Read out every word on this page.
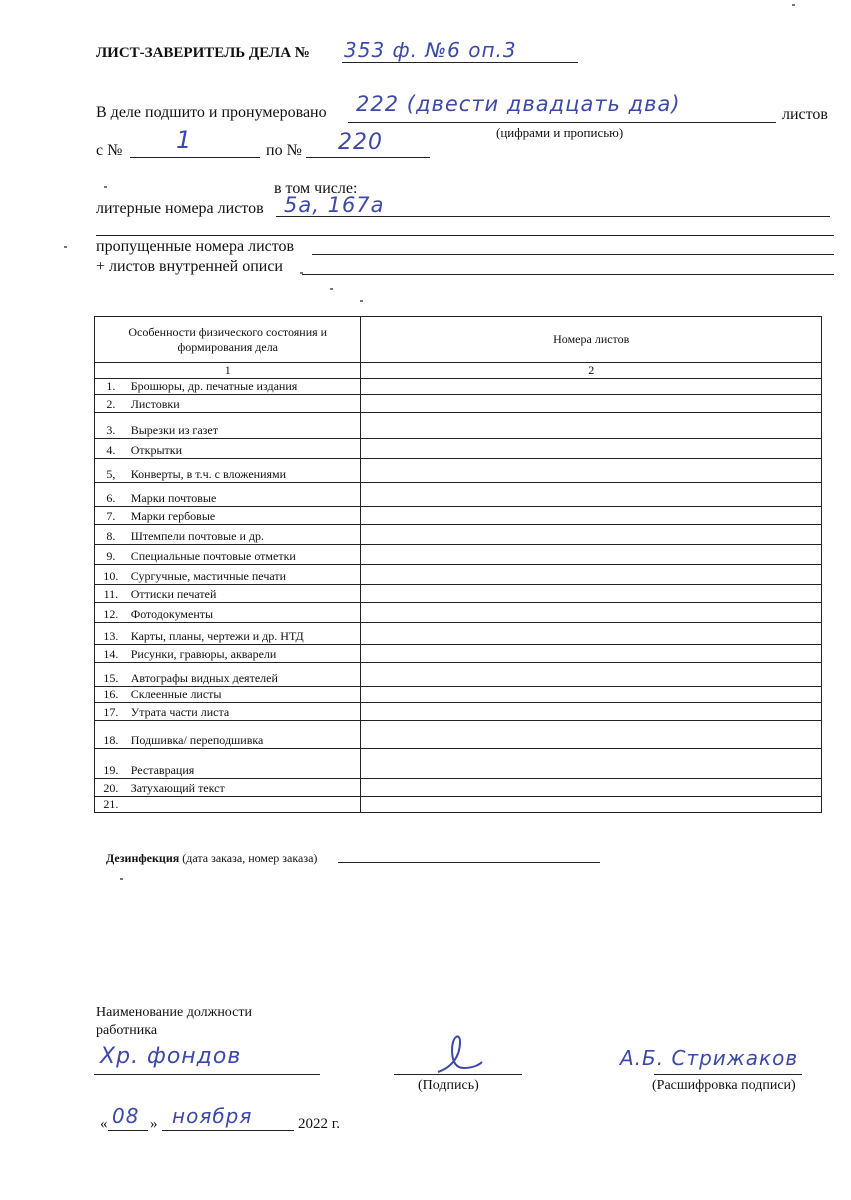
ЛИСТ-ЗАВЕРИТЕЛЬ ДЕЛА № 353 ф. №6 оп.3
В деле подшито и пронумеровано 222 (двести двадцать два)	листов
(цифрами и прописью)
с № 1	по № 220
в том числе:
литерные номера листов 5а, 167а
пропущенные номера листов
+ листов внутренней описи
Особенности физического состояния и формирования дела		Номера листов
1		2
1.	Брошюры, др. печатные издания	
2.	Листовки	
3.	Вырезки из газет	
4.	Открытки	
5,	Конверты, в т.ч. с вложениями	
6.	Марки почтовые	
7.	Марки гербовые	
8.	Штемпели почтовые и др.	
9.	Специальные почтовые отметки	
10.	Сургучные, мастичные печати	
11.	Оттиски печатей	
12.	Фотодокументы	
13.	Карты, планы, чертежи и др. НТД	
14.	Рисунки, гравюры, акварели	
15.	Автографы видных деятелей	
16.	Склеенные листы	
17.	Утрата части листа	
18.	Подшивка/ переподшивка	
19.	Реставрация	
20.	Затухающий текст	
21.		
Дезинфекция (дата заказа, номер заказа)
Наименование должности работника
Хр. фондов
(Подпись)
А.Б. Стрижаков
(Расшифровка подписи)
« 08 » ноября	2022 г.
